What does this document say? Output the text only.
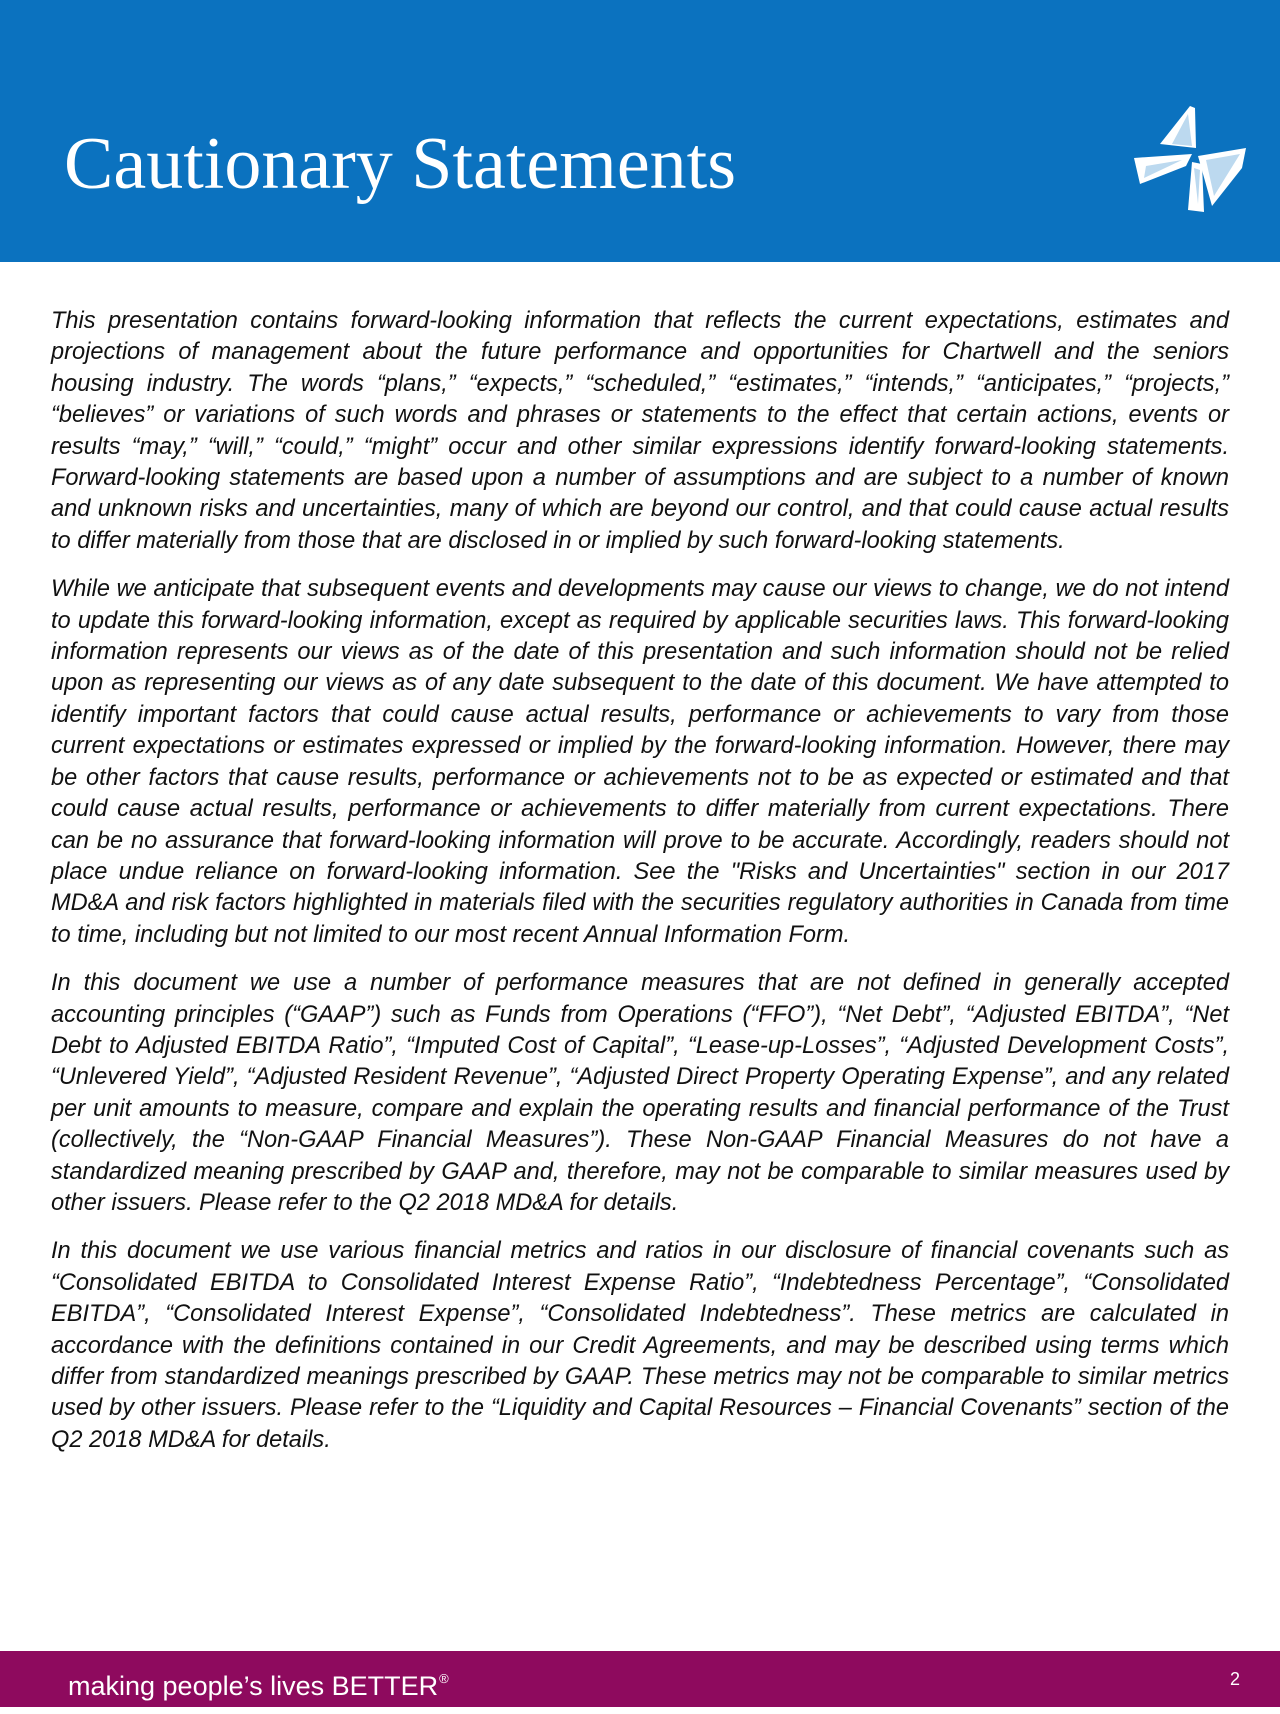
Cautionary Statements

This presentation contains forward-looking information that reflects the current expectations, estimates and projections of management about the future performance and opportunities for Chartwell and the seniors housing industry. The words “plans,” “expects,” “scheduled,” “estimates,” “intends,” “anticipates,” “projects,” “believes” or variations of such words and phrases or statements to the effect that certain actions, events or results “may,” “will,” “could,” “might” occur and other similar expressions identify forward-looking statements. Forward-looking statements are based upon a number of assumptions and are subject to a number of known and unknown risks and uncertainties, many of which are beyond our control, and that could cause actual results to differ materially from those that are disclosed in or implied by such forward-looking statements.

While we anticipate that subsequent events and developments may cause our views to change, we do not intend to update this forward-looking information, except as required by applicable securities laws. This forward-looking information represents our views as of the date of this presentation and such information should not be relied upon as representing our views as of any date subsequent to the date of this document. We have attempted to identify important factors that could cause actual results, performance or achievements to vary from those current expectations or estimates expressed or implied by the forward-looking information. However, there may be other factors that cause results, performance or achievements not to be as expected or estimated and that could cause actual results, performance or achievements to differ materially from current expectations. There can be no assurance that forward-looking information will prove to be accurate. Accordingly, readers should not place undue reliance on forward-looking information. See the "Risks and Uncertainties" section in our 2017 MD&A and risk factors highlighted in materials filed with the securities regulatory authorities in Canada from time to time, including but not limited to our most recent Annual Information Form.

In this document we use a number of performance measures that are not defined in generally accepted accounting principles (“GAAP”) such as Funds from Operations (“FFO”), “Net Debt”, “Adjusted EBITDA”, “Net Debt to Adjusted EBITDA Ratio”, “Imputed Cost of Capital”, “Lease-up-Losses”, “Adjusted Development Costs”, “Unlevered Yield”, “Adjusted Resident Revenue”, “Adjusted Direct Property Operating Expense”, and any related per unit amounts to measure, compare and explain the operating results and financial performance of the Trust (collectively, the “Non-GAAP Financial Measures”). These Non-GAAP Financial Measures do not have a standardized meaning prescribed by GAAP and, therefore, may not be comparable to similar measures used by other issuers. Please refer to the Q2 2018 MD&A for details.

In this document we use various financial metrics and ratios in our disclosure of financial covenants such as “Consolidated EBITDA to Consolidated Interest Expense Ratio”, “Indebtedness Percentage”, “Consolidated EBITDA”, “Consolidated Interest Expense”, “Consolidated Indebtedness”. These metrics are calculated in accordance with the definitions contained in our Credit Agreements, and may be described using terms which differ from standardized meanings prescribed by GAAP. These metrics may not be comparable to similar metrics used by other issuers. Please refer to the “Liquidity and Capital Resources – Financial Covenants” section of the Q2 2018 MD&A for details.

making people’s lives BETTER®	2
